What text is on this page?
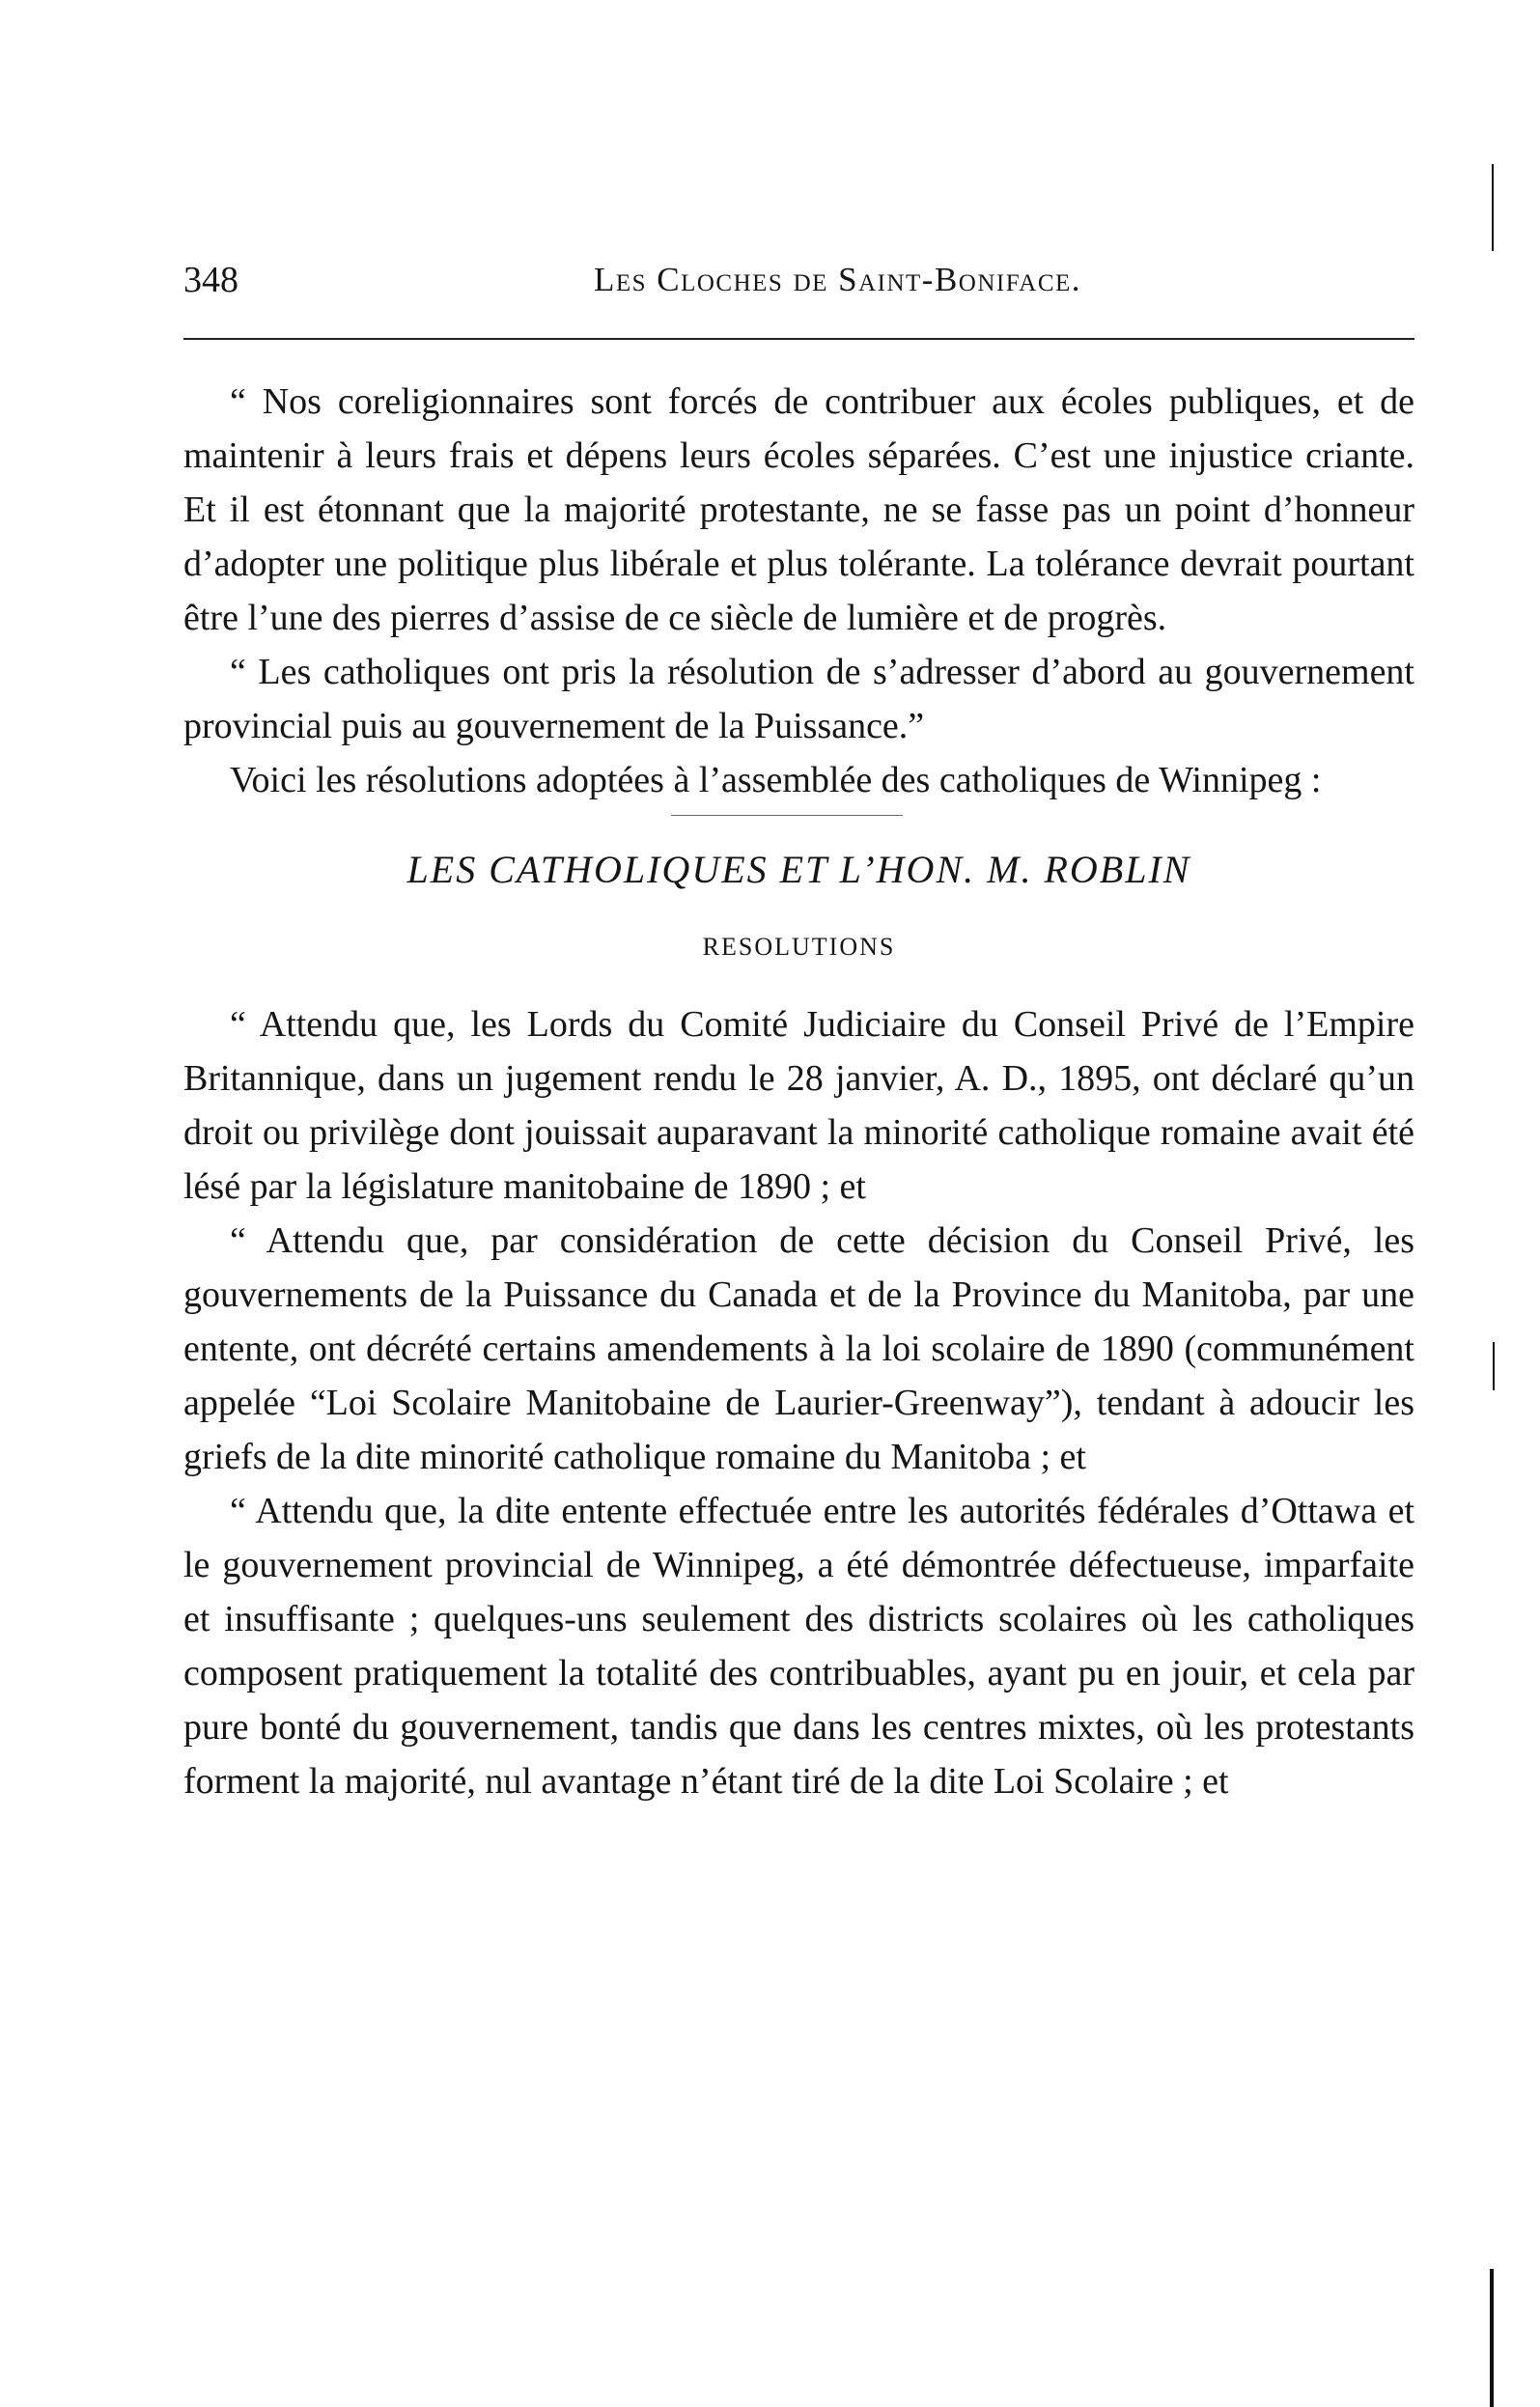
348	Les Cloches de Saint-Boniface.

“ Nos coreligionnaires sont forcés de contribuer aux écoles publiques, et de maintenir à leurs frais et dépens leurs écoles séparées. C’est une injustice criante. Et il est étonnant que la majorité protestante, ne se fasse pas un point d’honneur d’adopter une politique plus libérale et plus tolérante. La tolérance devrait pourtant être l’une des pierres d’assise de ce siècle de lumière et de progrès.

“ Les catholiques ont pris la résolution de s’adresser d’abord au gouvernement provincial puis au gouvernement de la Puissance.”

Voici les résolutions adoptées à l’assemblée des catholiques de Winnipeg :

LES CATHOLIQUES ET L’HON. M. ROBLIN
RESOLUTIONS

“ Attendu que, les Lords du Comité Judiciaire du Conseil Privé de l’Empire Britannique, dans un jugement rendu le 28 janvier, A. D., 1895, ont déclaré qu’un droit ou privilège dont jouissait auparavant la minorité catholique romaine avait été lésé par la législature manitobaine de 1890 ; et

“ Attendu que, par considération de cette décision du Conseil Privé, les gouvernements de la Puissance du Canada et de la Province du Manitoba, par une entente, ont décrété certains amendements à la loi scolaire de 1890 (communément appelée “Loi Scolaire Manitobaine de Laurier-Greenway”), tendant à adoucir les griefs de la dite minorité catholique romaine du Manitoba ; et

“ Attendu que, la dite entente effectuée entre les autorités fédérales d’Ottawa et le gouvernement provincial de Winnipeg, a été démontrée défectueuse, imparfaite et insuffisante ; quelques-uns seulement des districts scolaires où les catholiques composent pratiquement la totalité des contribuables, ayant pu en jouir, et cela par pure bonté du gouvernement, tandis que dans les centres mixtes, où les protestants forment la majorité, nul avantage n’étant tiré de la dite Loi Scolaire ; et
